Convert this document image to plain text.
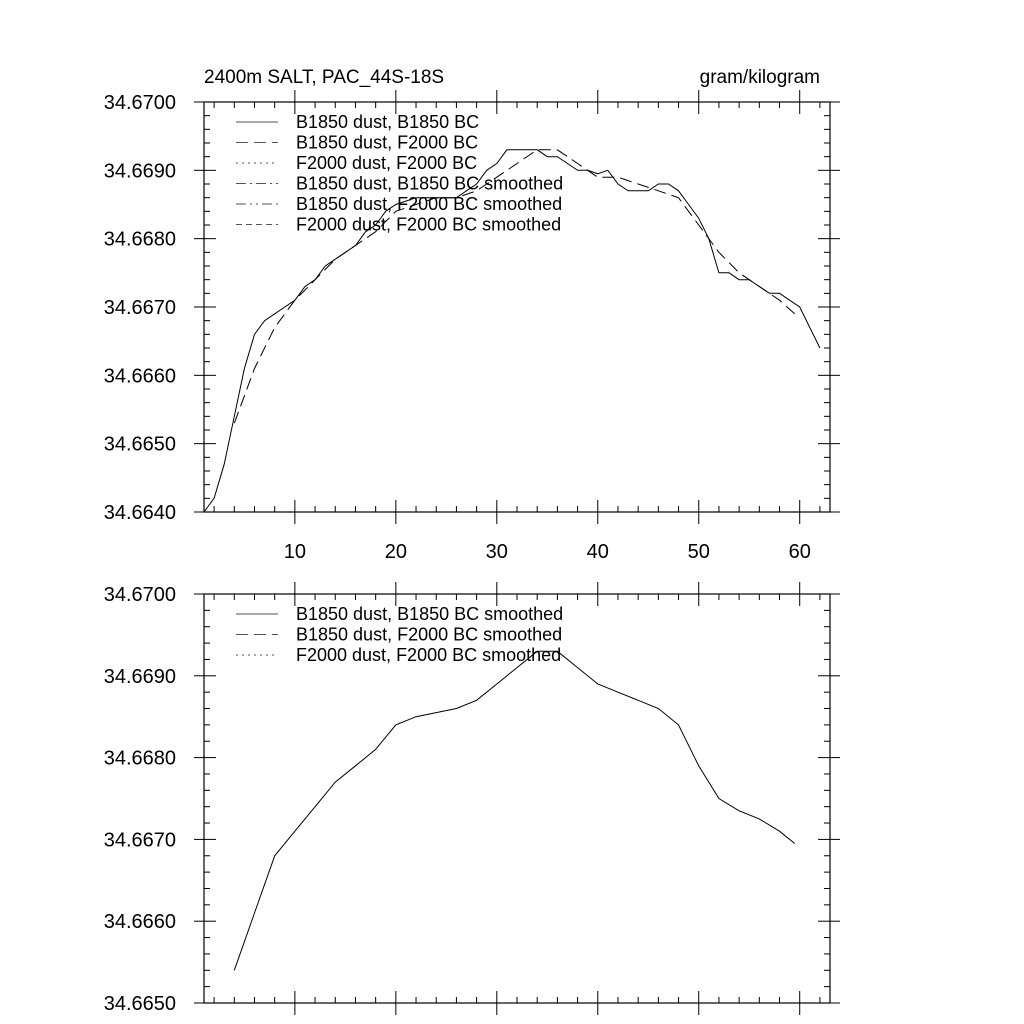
2400m SALT, PAC_44S-18S	gram/kilogram
10	20	30	40	50	60
34.6640
34.6650
34.6660
34.6670
34.6680
34.6690
34.6700
B1850 dust, B1850 BC
B1850 dust, F2000 BC
F2000 dust, F2000 BC
B1850 dust, B1850 BC smoothed
B1850 dust, F2000 BC smoothed
F2000 dust, F2000 BC smoothed
34.6650
34.6660
34.6670
34.6680
34.6690
34.6700
B1850 dust, B1850 BC smoothed
B1850 dust, F2000 BC smoothed
F2000 dust, F2000 BC smoothed
